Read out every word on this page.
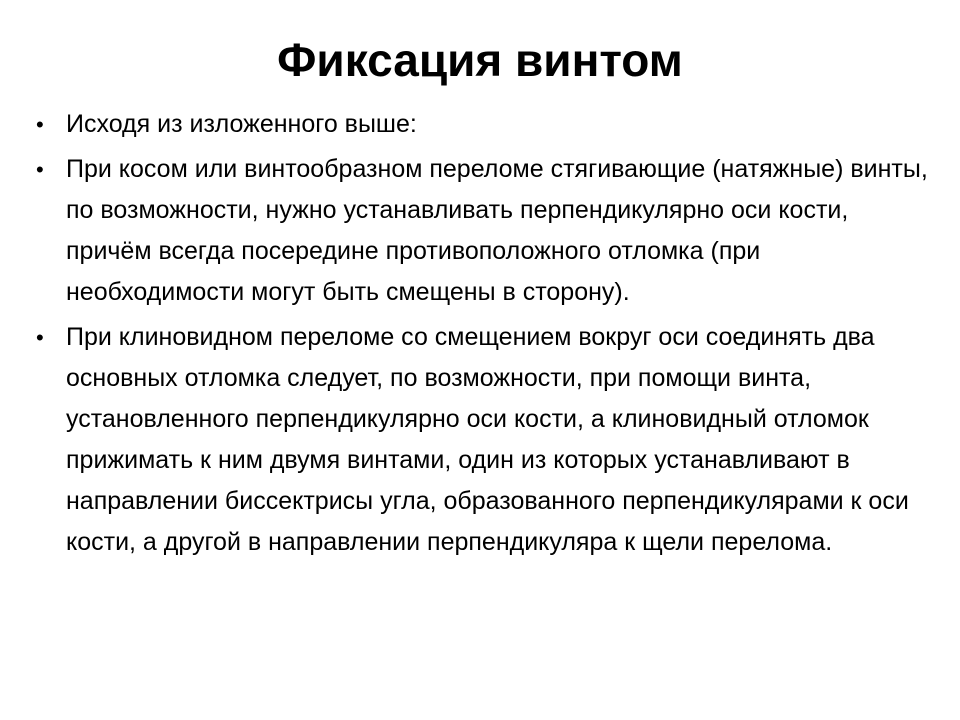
Фиксация винтом
• Исходя из изложенного выше:
• При косом или винтообразном переломе стягивающие (натяжные) винты, по возможности, нужно устанавливать перпендикулярно оси кости, причём всегда посередине противоположного отломка (при необходимости могут быть смещены в сторону).
• При клиновидном переломе со смещением вокруг оси соединять два основных отломка следует, по возможности, при помощи винта, установленного перпендикулярно оси кости, а клиновидный отломок прижимать к ним двумя винтами, один из которых устанавливают в направлении биссектрисы угла, образованного перпендикулярами к оси кости, а другой в направлении перпендикуляра к щели перелома.
